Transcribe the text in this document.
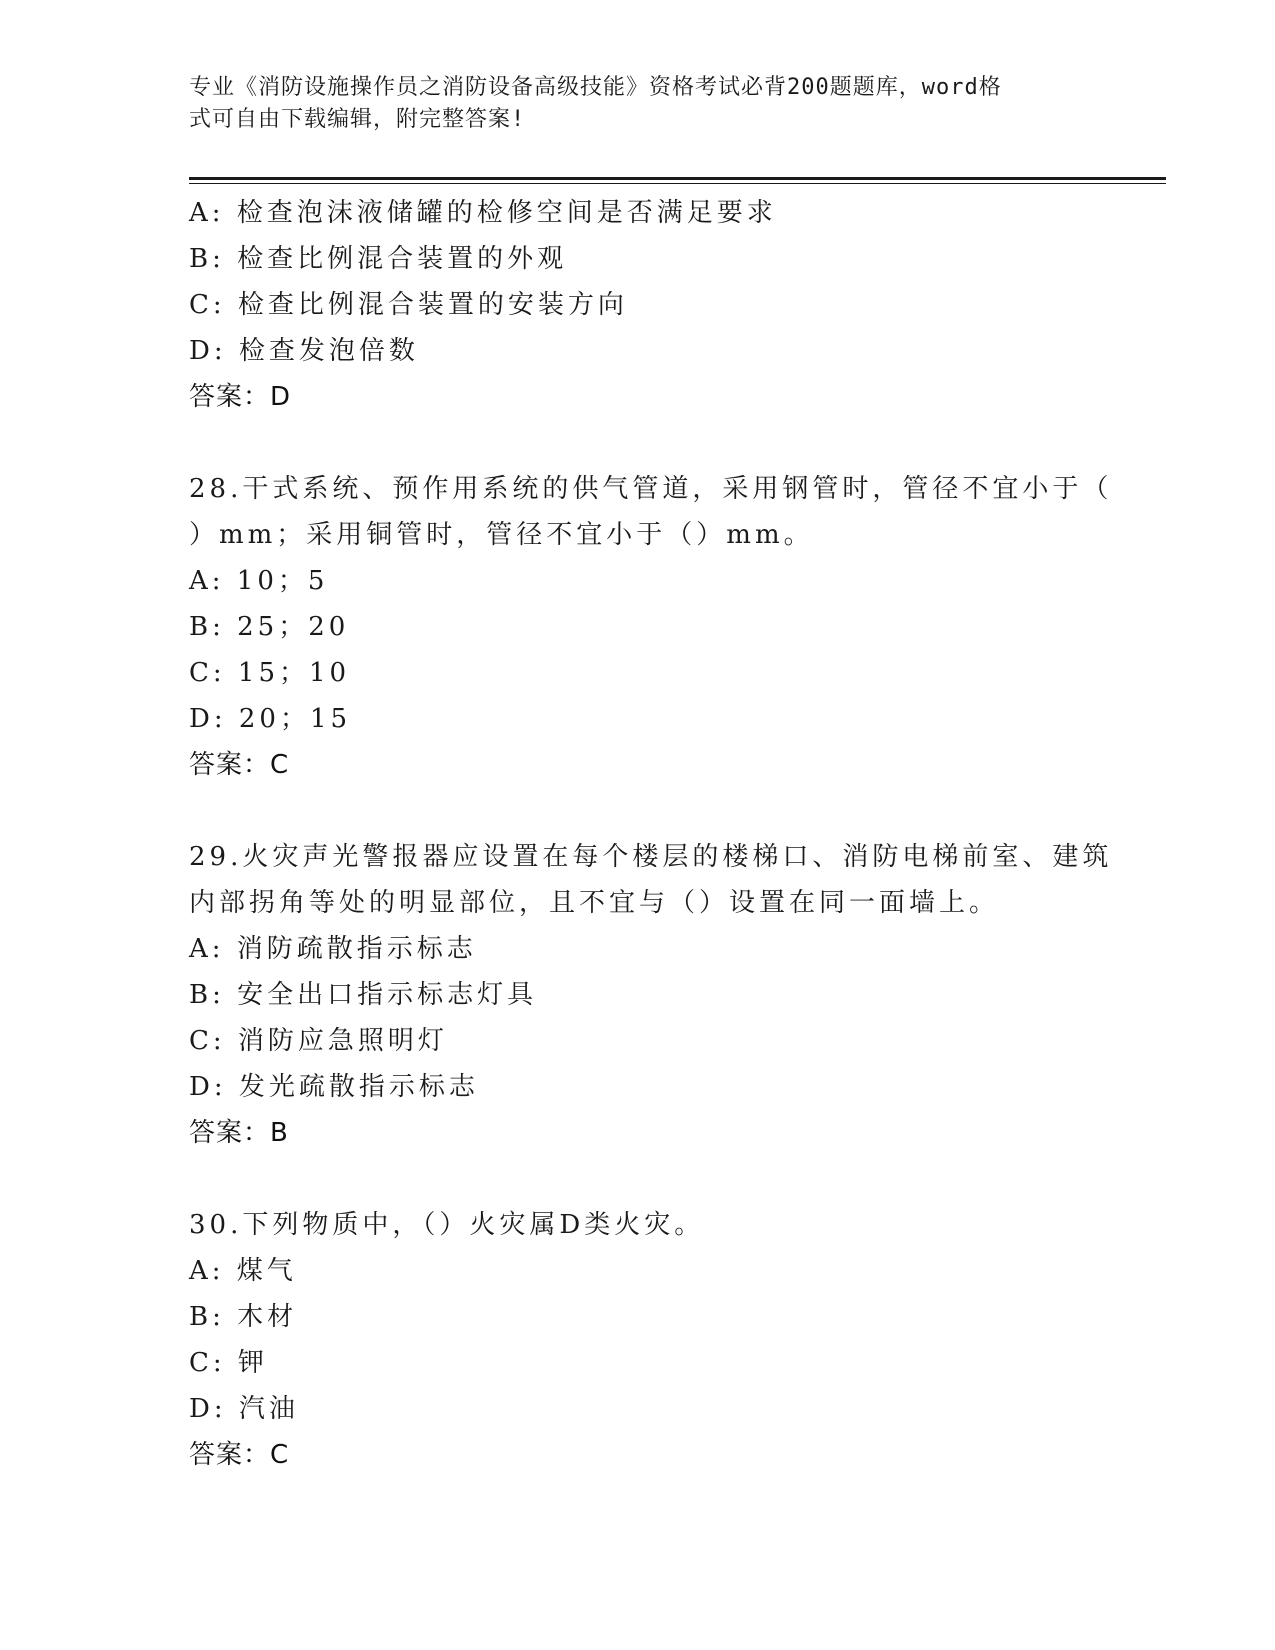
专业《消防设施操作员之消防设备高级技能》资格考试必背200题题库，word格
式可自由下载编辑，附完整答案!
A: 检查泡沫液储罐的检修空间是否满足要求
B: 检查比例混合装置的外观
C: 检查比例混合装置的安装方向
D: 检查发泡倍数
答案：D
28.干式系统、预作用系统的供气管道，采用钢管时，管径不宜小于（
）mm；采用铜管时，管径不宜小于（）mm。
A: 10；5
B: 25；20
C: 15；10
D: 20；15
答案：C
29.火灾声光警报器应设置在每个楼层的楼梯口、消防电梯前室、建筑
内部拐角等处的明显部位，且不宜与（）设置在同一面墙上。
A: 消防疏散指示标志
B: 安全出口指示标志灯具
C: 消防应急照明灯
D: 发光疏散指示标志
答案：B
30.下列物质中，（）火灾属D类火灾。
A: 煤气
B: 木材
C: 钾
D: 汽油
答案：C
